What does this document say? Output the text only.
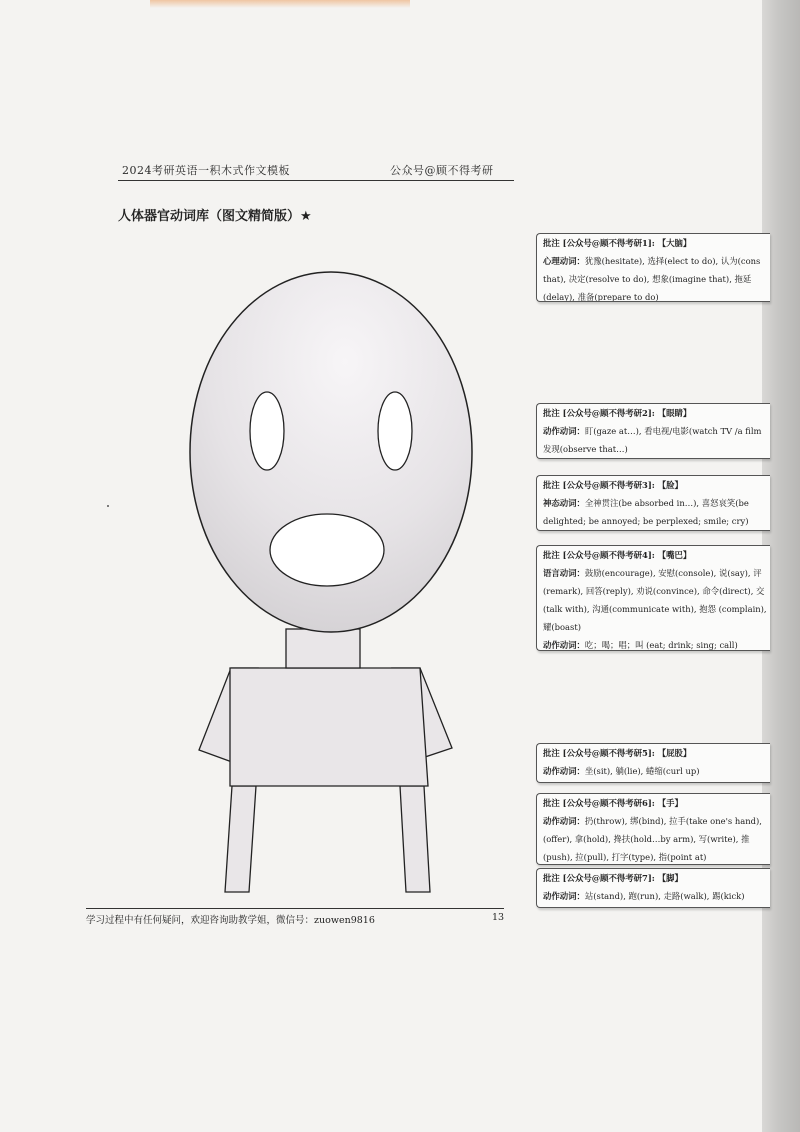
2024考研英语一积木式作文模板	公众号@顾不得考研
人体器官动词库（图文精简版）★
批注 [公众号@顾不得考研1]: 【大脑】
心理动词：犹豫(hesitate), 选择(elect to do), 认为(cons
that), 决定(resolve to do), 想象(imagine that), 拖延
(delay), 准备(prepare to do)
批注 [公众号@顾不得考研2]: 【眼睛】
动作动词：盯(gaze at…), 看电视/电影(watch TV /a film
发现(observe that…)
批注 [公众号@顾不得考研3]: 【脸】
神态动词：全神贯注(be absorbed in…), 喜怒哀笑(be
delighted; be annoyed; be perplexed; smile; cry)
批注 [公众号@顾不得考研4]: 【嘴巴】
语言动词：鼓励(encourage), 安慰(console), 说(say), 评
(remark), 回答(reply), 劝说(convince), 命令(direct), 交
(talk with), 沟通(communicate with), 抱怨 (complain),
耀(boast)
动作动词：吃；喝；唱；叫 (eat; drink; sing; call)
批注 [公众号@顾不得考研5]: 【屁股】
动作动词：坐(sit), 躺(lie), 蜷缩(curl up)
批注 [公众号@顾不得考研6]: 【手】
动作动词：扔(throw), 绑(bind), 拉手(take one's hand),
(offer), 拿(hold), 搀扶(hold…by arm), 写(write), 推
(push), 拉(pull), 打字(type), 指(point at)
批注 [公众号@顾不得考研7]: 【脚】
动作动词：站(stand), 跑(run), 走路(walk), 踢(kick)
学习过程中有任何疑问，欢迎咨询助教学姐，微信号：zuowen9816	13
